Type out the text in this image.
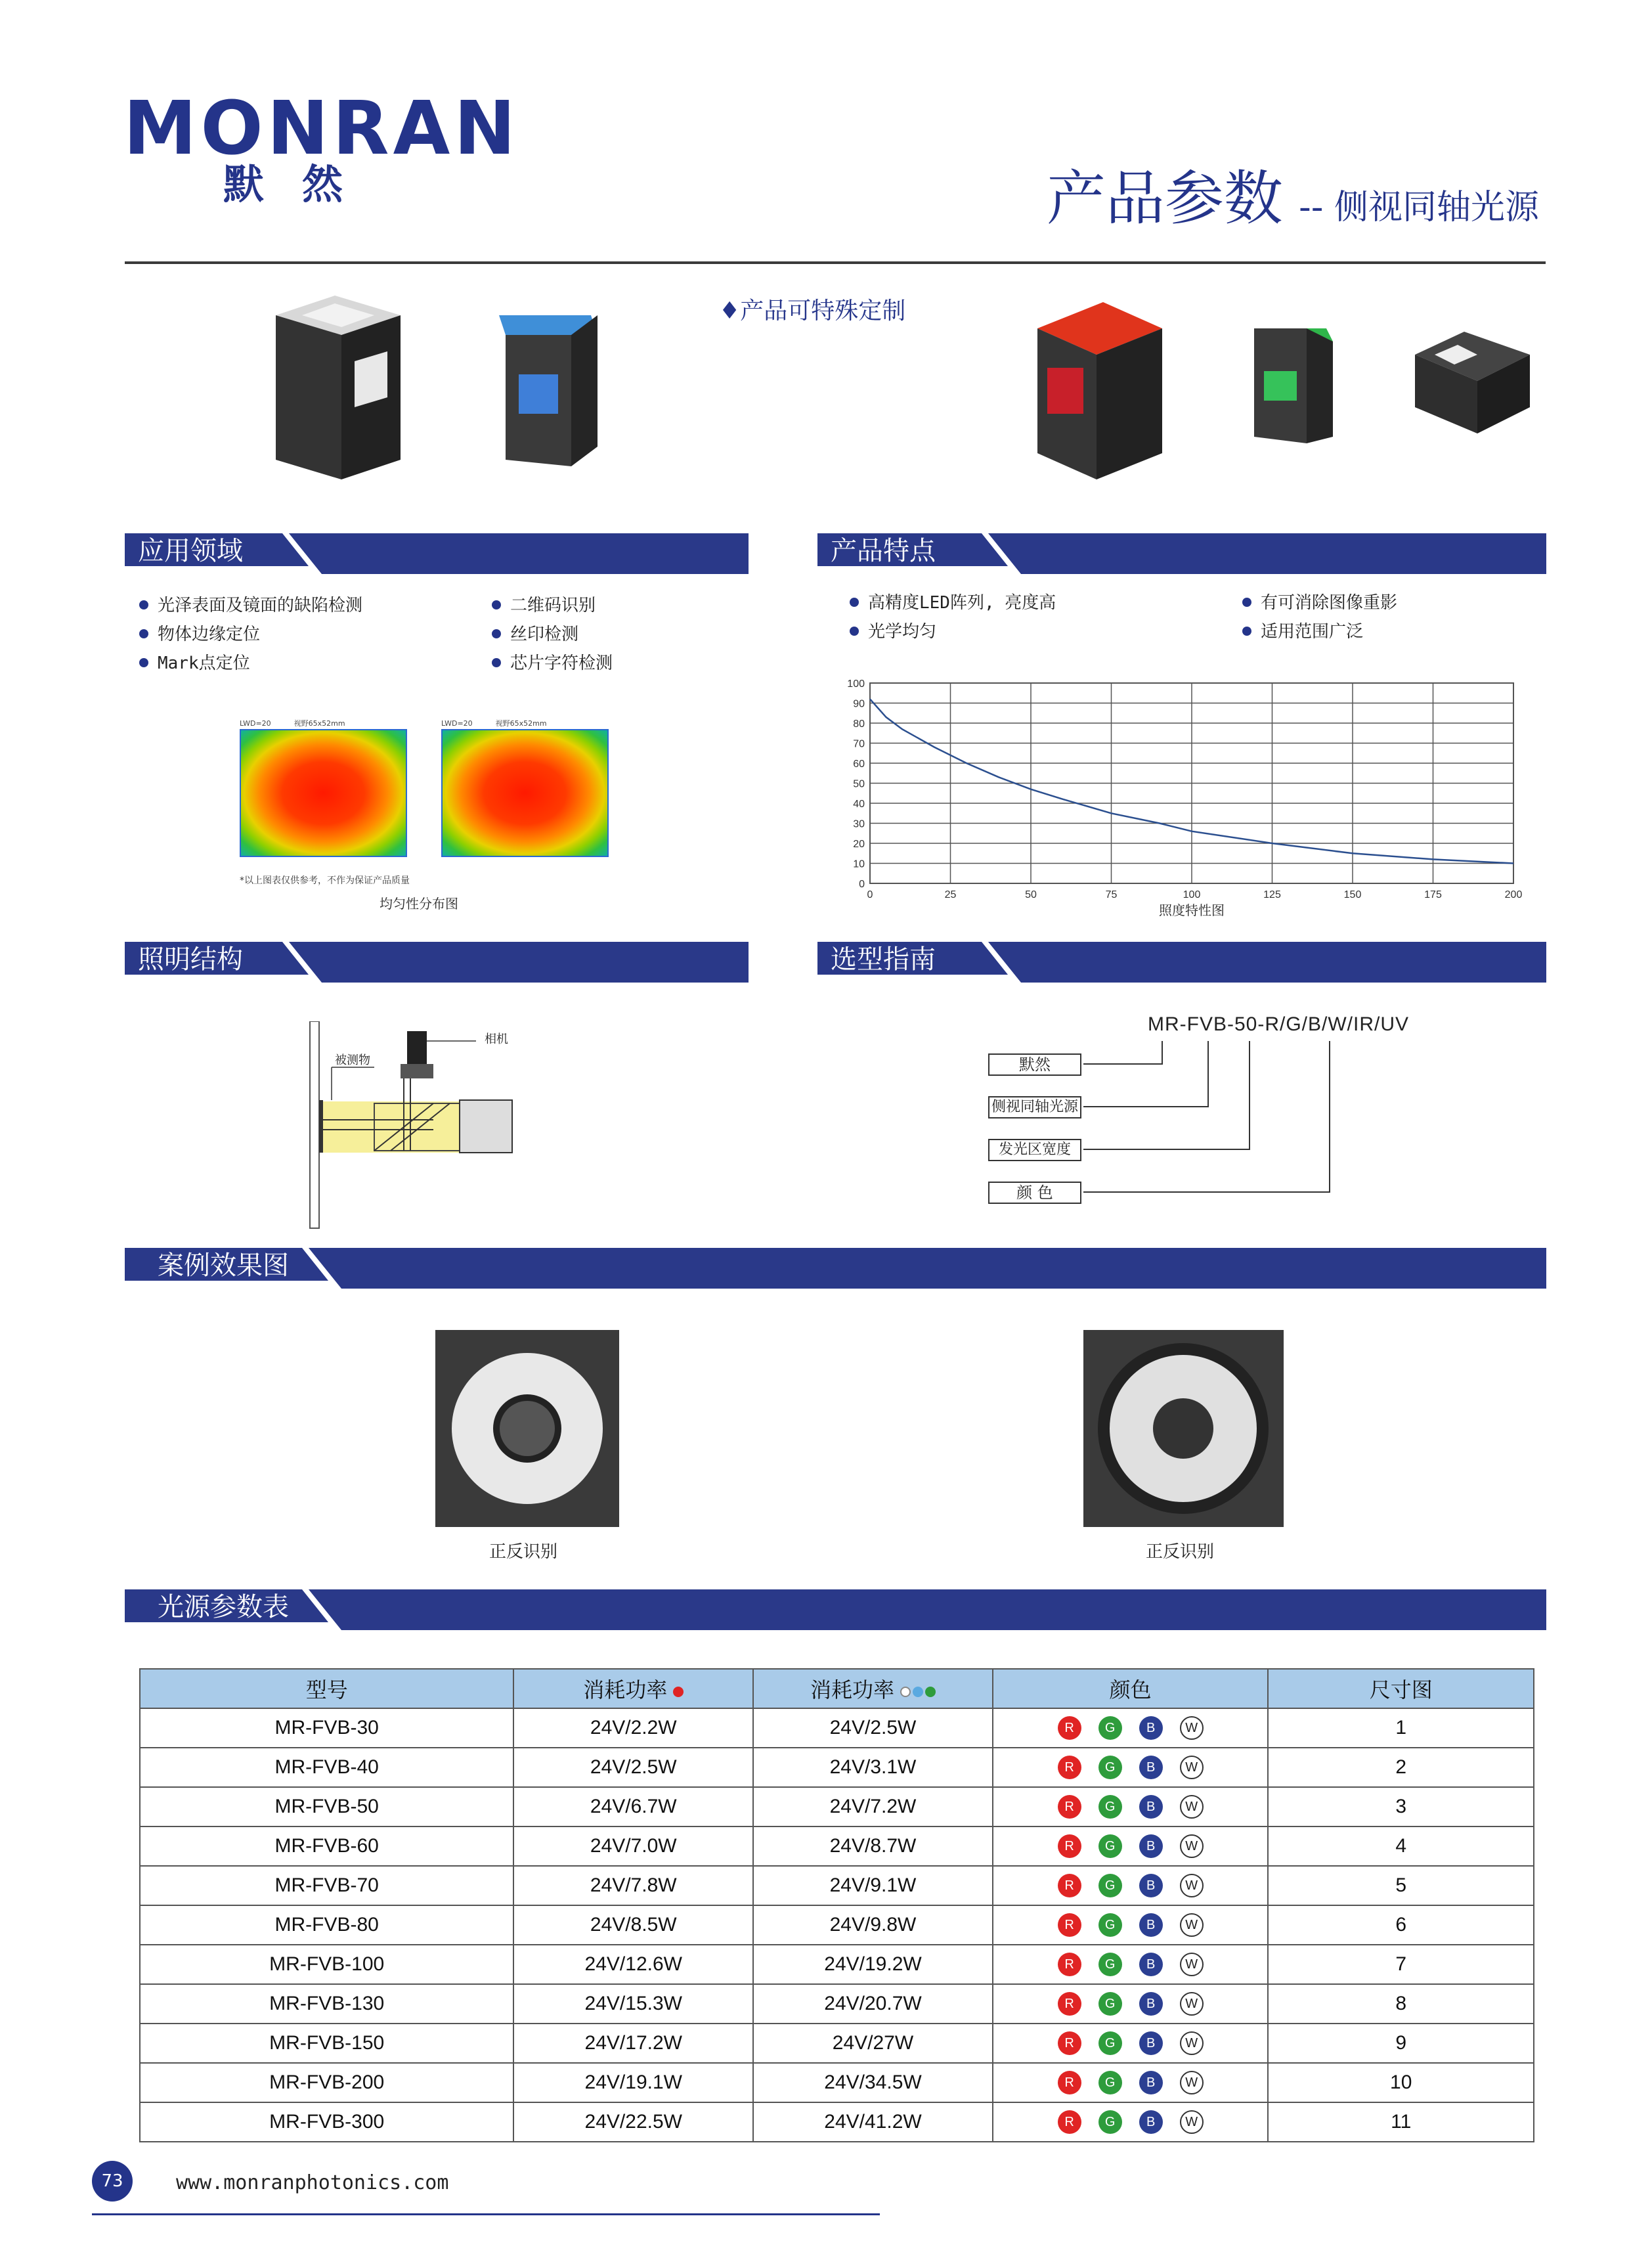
MONRAN
默然	产品参数 -- 侧视同轴光源
♦产品可特殊定制
应用领域	产品特点
光泽表面及镜面的缺陷检测
物体边缘定位
Mark点定位
二维码识别
丝印检测
芯片字符检测
高精度LED阵列, 亮度高
光学均匀
有可消除图像重影
适用范围广泛
LWD=20	视野65x52mm	LWD=20	视野65x52mm
*以上图表仅供参考，不作为保证产品质量
均匀性分布图
0
10
20
30
40
50
60
70
80
90
100
0	25	50	75	100	125	150	175	200
照度特性图
照明结构	选型指南
相机
被测物
MR-FVB-50-R/G/B/W/IR/UV
默然
侧视同轴光源
发光区宽度
颜 色
案例效果图
正反识别	正反识别
光源参数表
型号	消耗功率	消耗功率	颜色	尺寸图
MR-FVB-30	24V/2.2W	24V/2.5W	R G B W	1
MR-FVB-40	24V/2.5W	24V/3.1W	R G B W	2
MR-FVB-50	24V/6.7W	24V/7.2W	R G B W	3
MR-FVB-60	24V/7.0W	24V/8.7W	R G B W	4
MR-FVB-70	24V/7.8W	24V/9.1W	R G B W	5
MR-FVB-80	24V/8.5W	24V/9.8W	R G B W	6
MR-FVB-100	24V/12.6W	24V/19.2W	R G B W	7
MR-FVB-130	24V/15.3W	24V/20.7W	R G B W	8
MR-FVB-150	24V/17.2W	24V/27W	R G B W	9
MR-FVB-200	24V/19.1W	24V/34.5W	R G B W	10
MR-FVB-300	24V/22.5W	24V/41.2W	R G B W	11
73	www.monranphotonics.com
